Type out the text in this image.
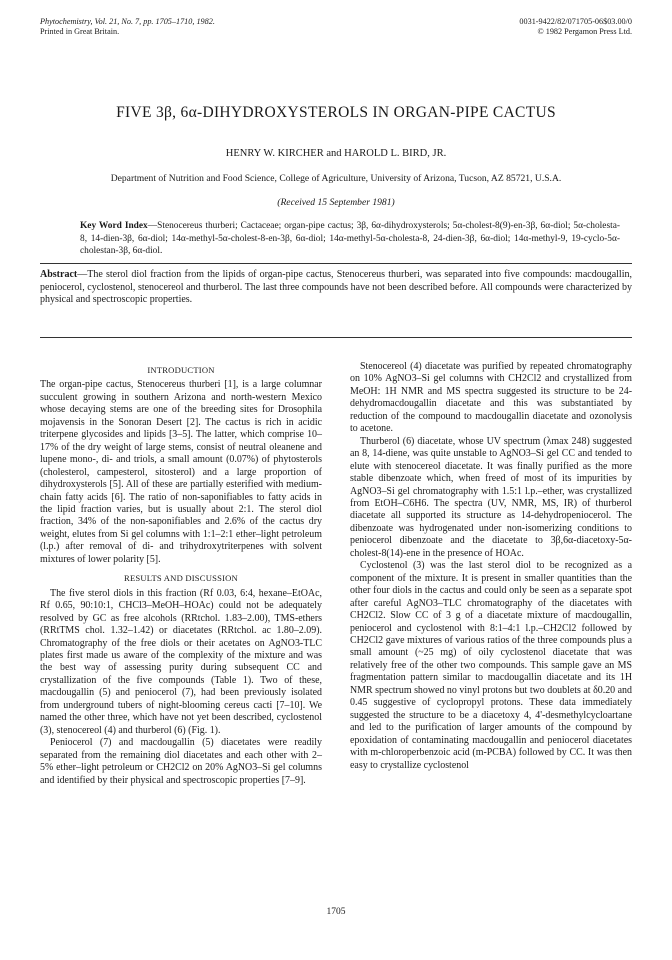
Phytochemistry, Vol. 21, No. 7, pp. 1705–1710, 1982.
Printed in Great Britain.
0031-9422/82/071705-06$03.00/0
© 1982 Pergamon Press Ltd.
FIVE 3β, 6α-DIHYDROXYSTEROLS IN ORGAN-PIPE CACTUS
HENRY W. KIRCHER and HAROLD L. BIRD, JR.
Department of Nutrition and Food Science, College of Agriculture, University of Arizona, Tucson, AZ 85721, U.S.A.
(Received 15 September 1981)
Key Word Index—Stenocereus thurberi; Cactaceae; organ-pipe cactus; 3β, 6α-dihydroxysterols; 5α-cholest-8(9)-en-3β, 6α-diol; 5α-cholesta-8, 14-dien-3β, 6α-diol; 14α-methyl-5α-cholest-8-en-3β, 6α-diol; 14α-methyl-5α-cholesta-8, 24-dien-3β, 6α-diol; 14α-methyl-9, 19-cyclo-5α-cholestan-3β, 6α-diol.
Abstract—The sterol diol fraction from the lipids of organ-pipe cactus, Stenocereus thurberi, was separated into five compounds: macdougallin, peniocerol, cyclostenol, stenocereol and thurberol. The last three compounds have not been described before. All compounds were characterized by physical and spectroscopic properties.
INTRODUCTION

The organ-pipe cactus, Stenocereus thurberi [1], is a large columnar succulent growing in southern Arizona and north-western Mexico whose decaying stems are one of the breeding sites for Drosophila mojavensis in the Sonoran Desert [2]. The cactus is rich in acidic triterpene glycosides and lipids [3–5]. The latter, which comprise 10–17% of the dry weight of large stems, consist of neutral oleanene and lupene mono-, di- and triols, a small amount (0.07%) of phytosterols (cholesterol, campesterol, sitosterol) and a large proportion of dihydroxysterols [5]. All of these are partially esterified with medium-chain fatty acids [6]. The ratio of non-saponifiables to fatty acids in the lipid fraction varies, but is usually about 2:1. The sterol diol fraction, 34% of the non-saponifiables and 2.6% of the cactus dry weight, elutes from Si gel columns with 1:1–2:1 ether–light petroleum (l.p.) after removal of di- and trihydroxytriterpenes with solvent mixtures of lower polarity [5].

RESULTS AND DISCUSSION

The five sterol diols in this fraction (Rf 0.03, 6:4, hexane–EtOAc, Rf 0.65, 90:10:1, CHCl3–MeOH–HOAc) could not be adequately resolved by GC as free alcohols (RRtchol. 1.83–2.00), TMS-ethers (RRtTMS chol. 1.32–1.42) or diacetates (RRtchol. ac 1.80–2.09). Chromatography of the free diols or their acetates on AgNO3-TLC plates first made us aware of the complexity of the mixture and was the best way of assessing purity during subsequent CC and crystallization of the five compounds (Table 1). Two of these, macdougallin (5) and peniocerol (7), had been previously isolated from underground tubers of night-blooming cereus cacti [7–10]. We named the other three, which have not yet been described, cyclostenol (3), stenocereol (4) and thurberol (6) (Fig. 1).

Peniocerol (7) and macdougallin (5) diacetates were readily separated from the remaining diol diacetates and each other with 2–5% ether–light petroleum or CH2Cl2 on 20% AgNO3–Si gel columns and identified by their physical and spectroscopic properties [7–9].

Stenocereol (4) diacetate was purified by repeated chromatography on 10% AgNO3–Si gel columns with CH2Cl2 and crystallized from MeOH: 1H NMR and MS spectra suggested its structure to be 24-dehydromacdougallin diacetate and this was substantiated by reduction of the compound to macdougallin diacetate and ozonolysis to acetone.

Thurberol (6) diacetate, whose UV spectrum (λmax 248) suggested an 8, 14-diene, was quite unstable to AgNO3–Si gel CC and tended to elute with stenocereol diacetate. It was finally purified as the more stable dibenzoate which, when freed of most of its impurities by AgNO3–Si gel chromatography with 1.5:1 l.p.–ether, was crystallized from EtOH–C6H6. The spectra (UV, NMR, MS, IR) of thurberol diacetate all supported its structure as 14-dehydropeniocerol. The dibenzoate was hydrogenated under non-isomerizing conditions to peniocerol dibenzoate and the diacetate to 3β,6α-diacetoxy-5α-cholest-8(14)-ene in the presence of HOAc.

Cyclostenol (3) was the last sterol diol to be recognized as a component of the mixture. It is present in smaller quantities than the other four diols in the cactus and could only be seen as a separate spot after careful AgNO3–TLC chromatography of the diacetates with CH2Cl2. Slow CC of 3 g of a diacetate mixture of macdougallin, peniocerol and cyclostenol with 8:1–4:1 l.p.–CH2Cl2 followed by CH2Cl2 gave mixtures of various ratios of the three compounds plus a small amount (~25 mg) of oily cyclostenol diacetate that was relatively free of the other two compounds. This sample gave an MS fragmentation pattern similar to macdougallin diacetate and its 1H NMR spectrum showed no vinyl protons but two doublets at δ0.20 and 0.45 suggestive of cyclopropyl protons. These data immediately suggested the structure to be a diacetoxy 4, 4'-desmethylcycloartane and led to the purification of larger amounts of the compound by epoxidation of contaminating macdougallin and peniocerol diacetates with m-chloroperbenzoic acid (m-PCBA) followed by CC. It was then easy to crystallize cyclostenol

1705
